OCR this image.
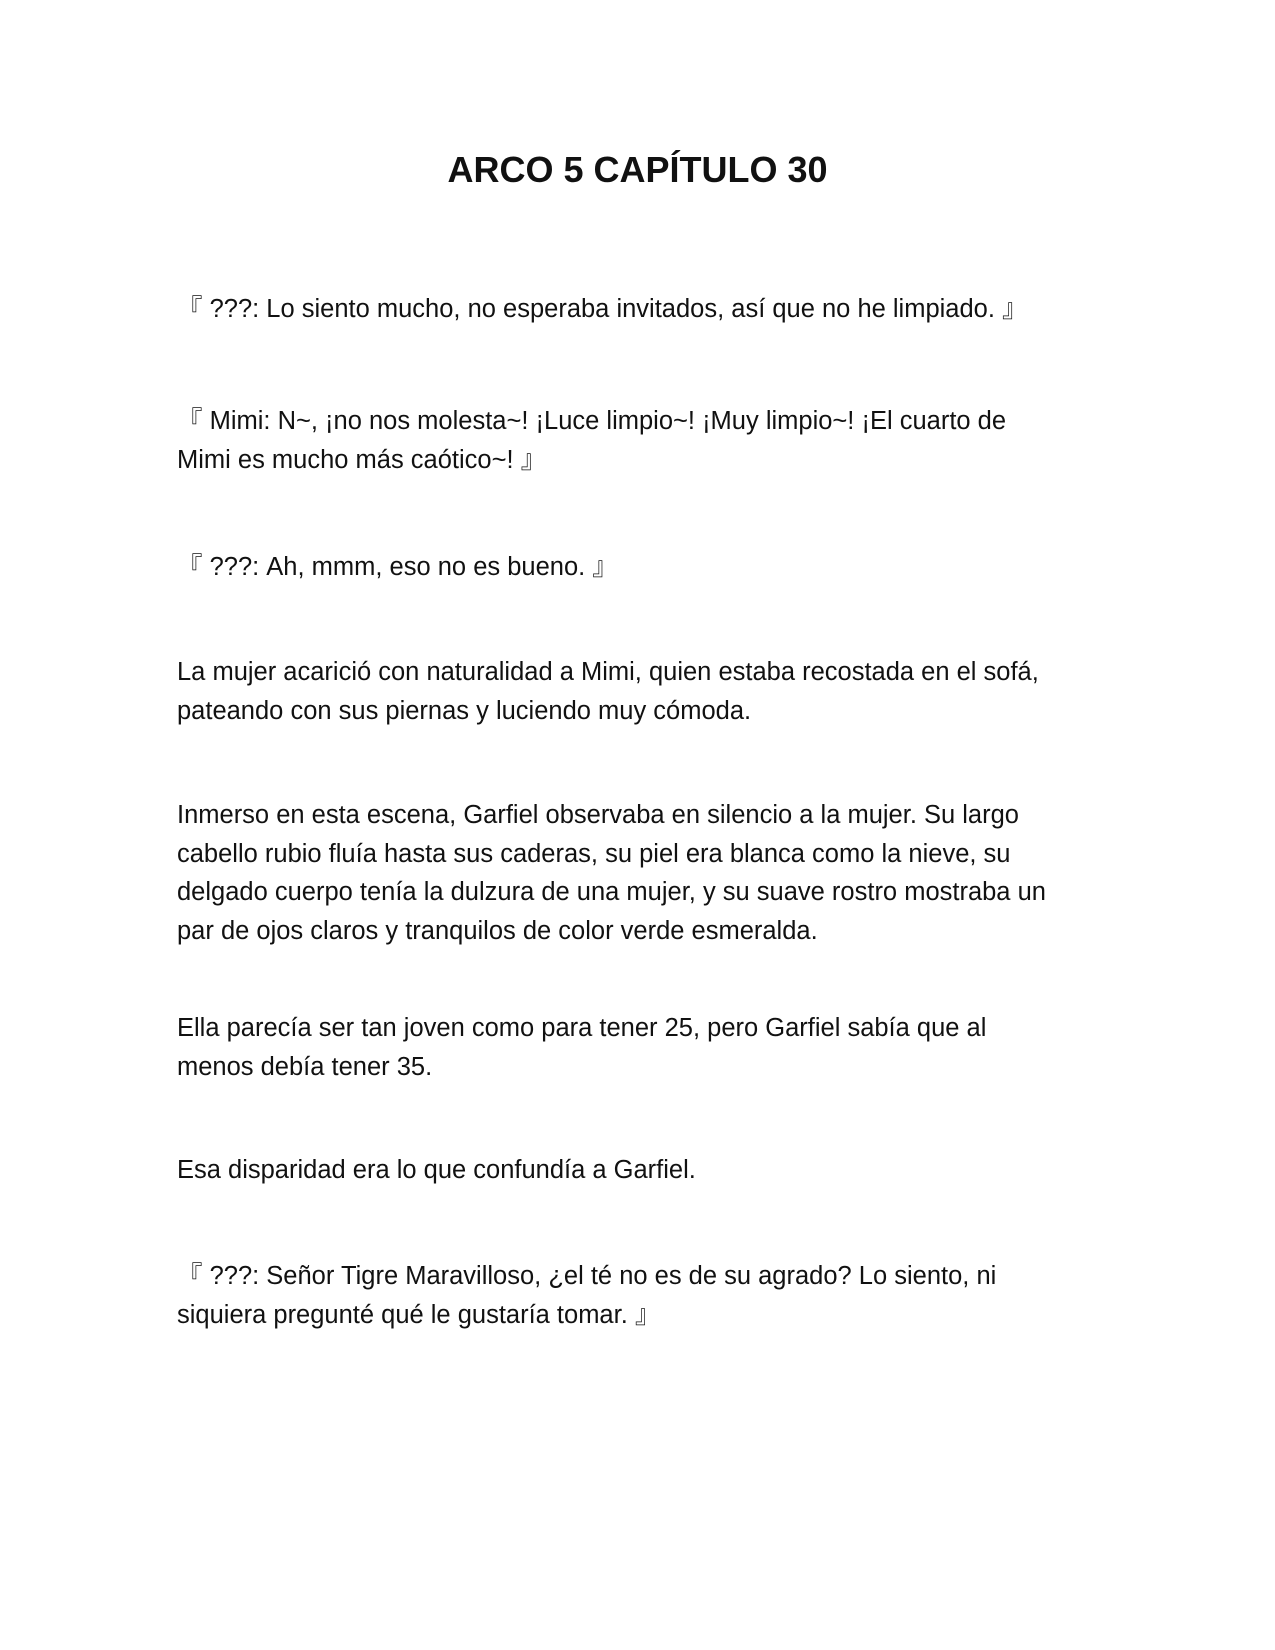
ARCO 5 CAPÍTULO 30

『 ???: Lo siento mucho, no esperaba invitados, así que no he limpiado. 』

『 Mimi: N~, ¡no nos molesta~! ¡Luce limpio~! ¡Muy limpio~! ¡El cuarto de
Mimi es mucho más caótico~! 』

『 ???: Ah, mmm, eso no es bueno. 』

La mujer acarició con naturalidad a Mimi, quien estaba recostada en el sofá,
pateando con sus piernas y luciendo muy cómoda.

Inmerso en esta escena, Garfiel observaba en silencio a la mujer. Su largo
cabello rubio fluía hasta sus caderas, su piel era blanca como la nieve, su
delgado cuerpo tenía la dulzura de una mujer, y su suave rostro mostraba un
par de ojos claros y tranquilos de color verde esmeralda.

Ella parecía ser tan joven como para tener 25, pero Garfiel sabía que al
menos debía tener 35.

Esa disparidad era lo que confundía a Garfiel.

『 ???: Señor Tigre Maravilloso, ¿el té no es de su agrado? Lo siento, ni
siquiera pregunté qué le gustaría tomar. 』
